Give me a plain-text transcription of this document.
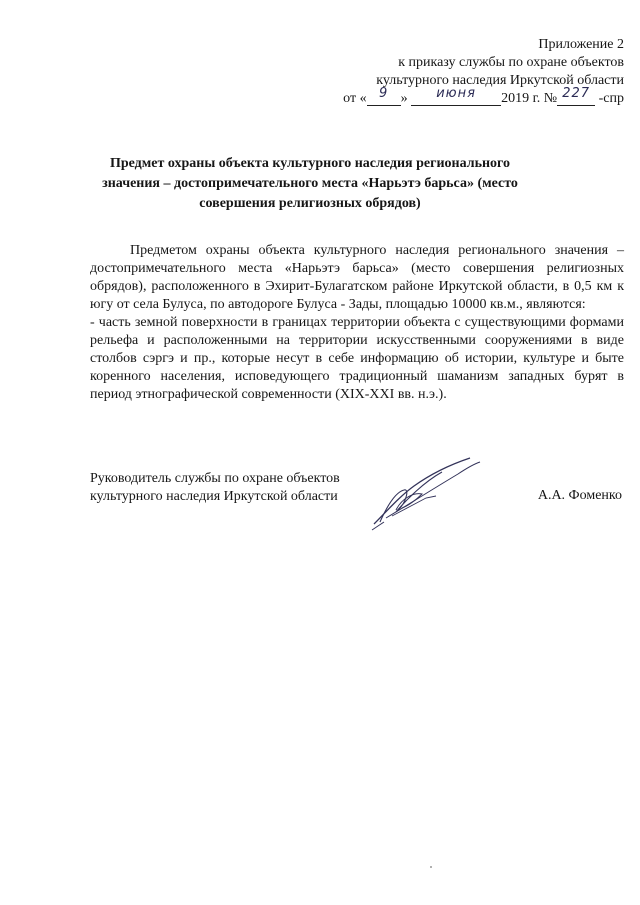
Приложение 2
к приказу службы по охране объектов
культурного наследия Иркутской области
от « 9 » июня 2019 г. № 227 -спр
Предмет охраны объекта культурного наследия регионального значения – достопримечательного места «Нарьэтэ барьса» (место совершения религиозных обрядов)

Предметом охраны объекта культурного наследия регионального значения – достопримечательного места «Нарьэтэ барьса» (место совершения религиозных обрядов), расположенного в Эхирит-Булагатском районе Иркутской области, в 0,5 км к югу от села Булуса, по автодороге Булуса - Зады, площадью 10000 кв.м., являются:

- часть земной поверхности в границах территории объекта с существующими формами рельефа и расположенными на территории искусственными сооружениями в виде столбов сэргэ и пр., которые несут в себе информацию об истории, культуре и быте коренного населения, исповедующего традиционный шаманизм западных бурят в период этнографической современности (XIX-XXI вв. н.э.).

Руководитель службы по охране объектов
культурного наследия Иркутской области	А.А. Фоменко
